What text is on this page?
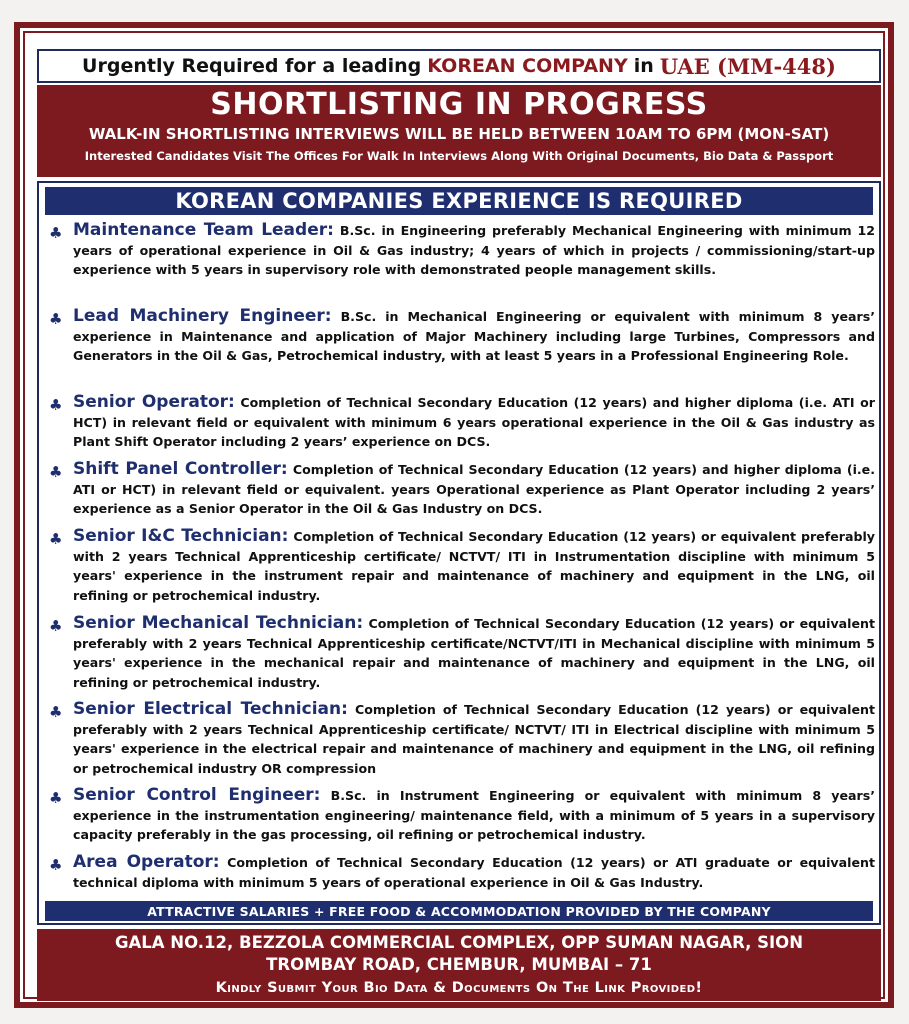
Urgently Required for a leading KOREAN COMPANY in UAE (MM-448)
SHORTLISTING IN PROGRESS
WALK-IN SHORTLISTING INTERVIEWS WILL BE HELD BETWEEN 10AM TO 6PM (MON-SAT)
Interested Candidates Visit The Offices For Walk In Interviews Along With Original Documents, Bio Data & Passport
KOREAN COMPANIES EXPERIENCE IS REQUIRED
♣ Maintenance Team Leader: B.Sc. in Engineering preferably Mechanical Engineering with minimum 12 years of operational experience in Oil & Gas industry; 4 years of which in projects / commissioning/start-up experience with 5 years in supervisory role with demonstrated people management skills.
♣ Lead Machinery Engineer: B.Sc. in Mechanical Engineering or equivalent with minimum 8 years’ experience in Maintenance and application of Major Machinery including large Turbines, Compressors and Generators in the Oil & Gas, Petrochemical industry, with at least 5 years in a Professional Engineering Role.
♣ Senior Operator: Completion of Technical Secondary Education (12 years) and higher diploma (i.e. ATI or HCT) in relevant field or equivalent with minimum 6 years operational experience in the Oil & Gas industry as Plant Shift Operator including 2 years’ experience on DCS.
♣ Shift Panel Controller: Completion of Technical Secondary Education (12 years) and higher diploma (i.e. ATI or HCT) in relevant field or equivalent. years Operational experience as Plant Operator including 2 years’ experience as a Senior Operator in the Oil & Gas Industry on DCS.
♣ Senior I&C Technician: Completion of Technical Secondary Education (12 years) or equivalent preferably with 2 years Technical Apprenticeship certificate/ NCTVT/ ITI in Instrumentation discipline with minimum 5 years' experience in the instrument repair and maintenance of machinery and equipment in the LNG, oil refining or petrochemical industry.
♣ Senior Mechanical Technician: Completion of Technical Secondary Education (12 years) or equivalent preferably with 2 years Technical Apprenticeship certificate/NCTVT/ITI in Mechanical discipline with minimum 5 years' experience in the mechanical repair and maintenance of machinery and equipment in the LNG, oil refining or petrochemical industry.
♣ Senior Electrical Technician: Completion of Technical Secondary Education (12 years) or equivalent preferably with 2 years Technical Apprenticeship certificate/ NCTVT/ ITI in Electrical discipline with minimum 5 years' experience in the electrical repair and maintenance of machinery and equipment in the LNG, oil refining or petrochemical industry OR compression
♣ Senior Control Engineer: B.Sc. in Instrument Engineering or equivalent with minimum 8 years’ experience in the instrumentation engineering/ maintenance field, with a minimum of 5 years in a supervisory capacity preferably in the gas processing, oil refining or petrochemical industry.
♣ Area Operator: Completion of Technical Secondary Education (12 years) or ATI graduate or equivalent technical diploma with minimum 5 years of operational experience in Oil & Gas Industry.
ATTRACTIVE SALARIES + FREE FOOD & ACCOMMODATION PROVIDED BY THE COMPANY
GALA NO.12, BEZZOLA COMMERCIAL COMPLEX, OPP SUMAN NAGAR, SION
TROMBAY ROAD, CHEMBUR, MUMBAI – 71
Kindly Submit Your Bio Data & Documents On The Link Provided!
